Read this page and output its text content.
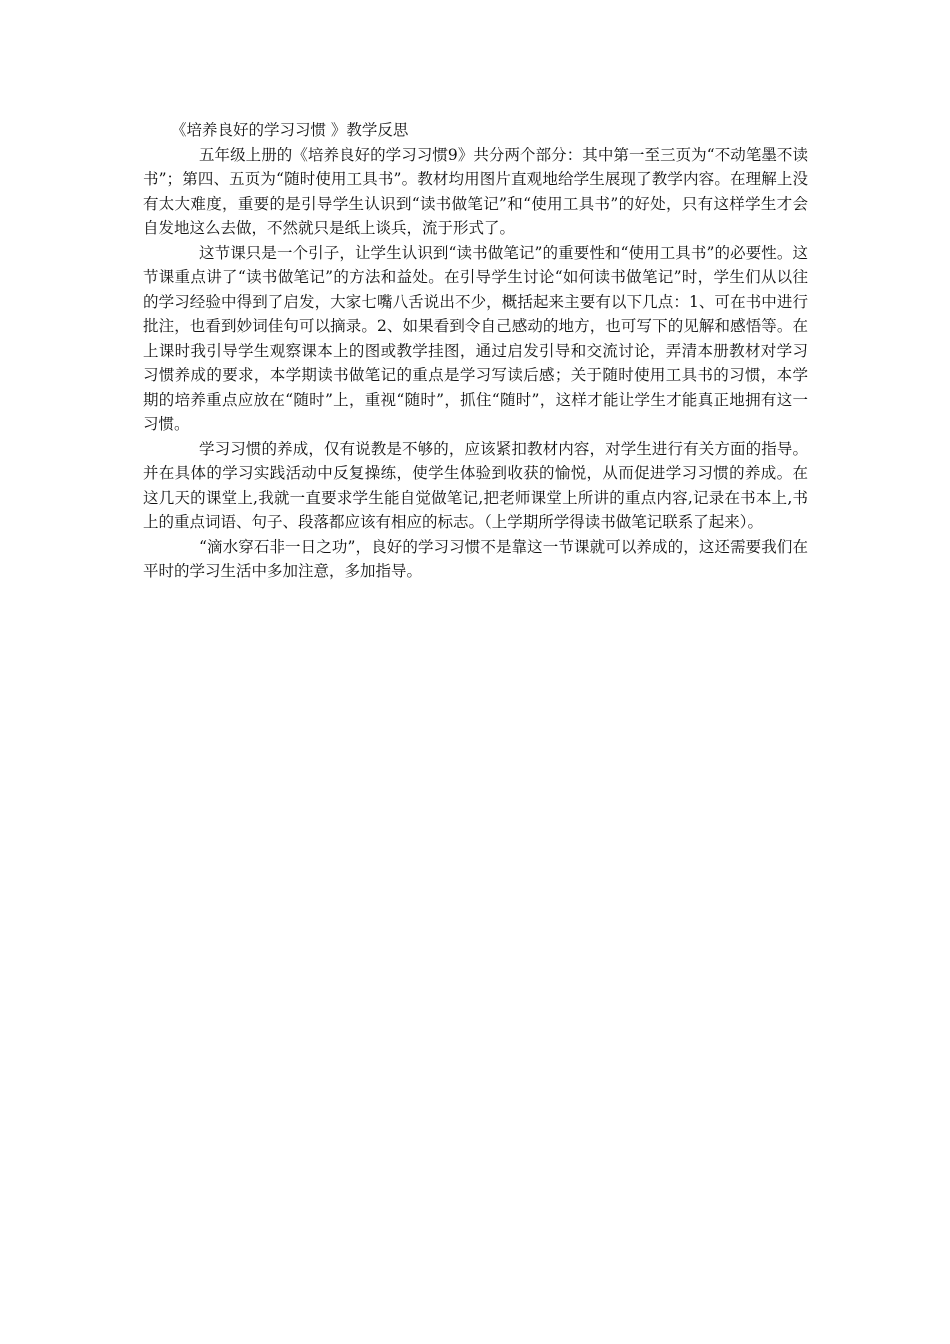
《培养良好的学习习惯 》教学反思

五年级上册的《培养良好的学习习惯9》共分两个部分：其中第一至三页为“不动笔墨不读书”；第四、五页为“随时使用工具书”。教材均用图片直观地给学生展现了教学内容。在理解上没有太大难度，重要的是引导学生认识到“读书做笔记”和“使用工具书”的好处，只有这样学生才会自发地这么去做，不然就只是纸上谈兵，流于形式了。

这节课只是一个引子，让学生认识到“读书做笔记”的重要性和“使用工具书”的必要性。这节课重点讲了“读书做笔记”的方法和益处。在引导学生讨论“如何读书做笔记”时，学生们从以往的学习经验中得到了启发，大家七嘴八舌说出不少，概括起来主要有以下几点：1、可在书中进行批注，也看到妙词佳句可以摘录。2、如果看到令自己感动的地方，也可写下的见解和感悟等。在上课时我引导学生观察课本上的图或教学挂图，通过启发引导和交流讨论，弄清本册教材对学习习惯养成的要求，本学期读书做笔记的重点是学习写读后感；关于随时使用工具书的习惯，本学期的培养重点应放在“随时”上，重视“随时”，抓住“随时”，这样才能让学生才能真正地拥有这一习惯。

学习习惯的养成，仅有说教是不够的，应该紧扣教材内容，对学生进行有关方面的指导。并在具体的学习实践活动中反复操练，使学生体验到收获的愉悦，从而促进学习习惯的养成。在这几天的课堂上,我就一直要求学生能自觉做笔记,把老师课堂上所讲的重点内容,记录在书本上,书上的重点词语、句子、段落都应该有相应的标志。（上学期所学得读书做笔记联系了起来）。

“滴水穿石非一日之功”，良好的学习习惯不是靠这一节课就可以养成的，这还需要我们在平时的学习生活中多加注意，多加指导。
